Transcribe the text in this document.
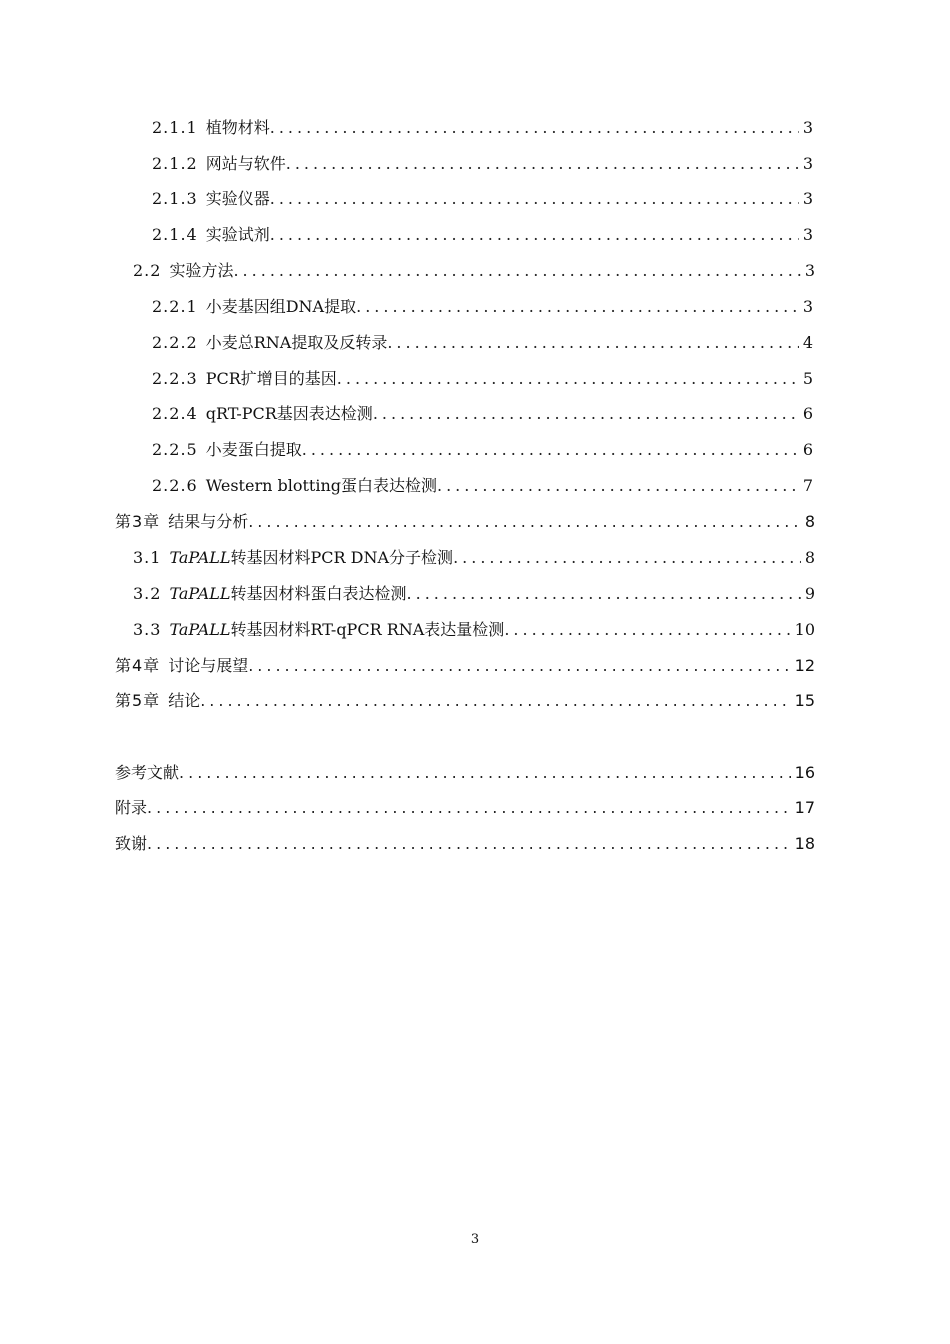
2.1.1 植物材料 .....	3
2.1.2 网站与软件 .....	3
2.1.3 实验仪器 .....	3
2.1.4 实验试剂 .....	3
2.2 实验方法 .....	3
2.2.1 小麦基因组DNA提取 .....	3
2.2.2 小麦总RNA提取及反转录 .....	4
2.2.3 PCR扩增目的基因 .....	5
2.2.4 qRT-PCR基因表达检测 .....	6
2.2.5 小麦蛋白提取 .....	6
2.2.6 Western blotting蛋白表达检测 .....	7
第3章 结果与分析 .....	8
3.1 TaPALL转基因材料PCR DNA分子检测 .....	8
3.2 TaPALL转基因材料蛋白表达检测 .....	9
3.3 TaPALL转基因材料RT-qPCR RNA表达量检测 .....	10
第4章 讨论与展望 .....	12
第5章 结论 .....	15
参考文献 .....	16
附录 .....	17
致谢 .....	18
3
